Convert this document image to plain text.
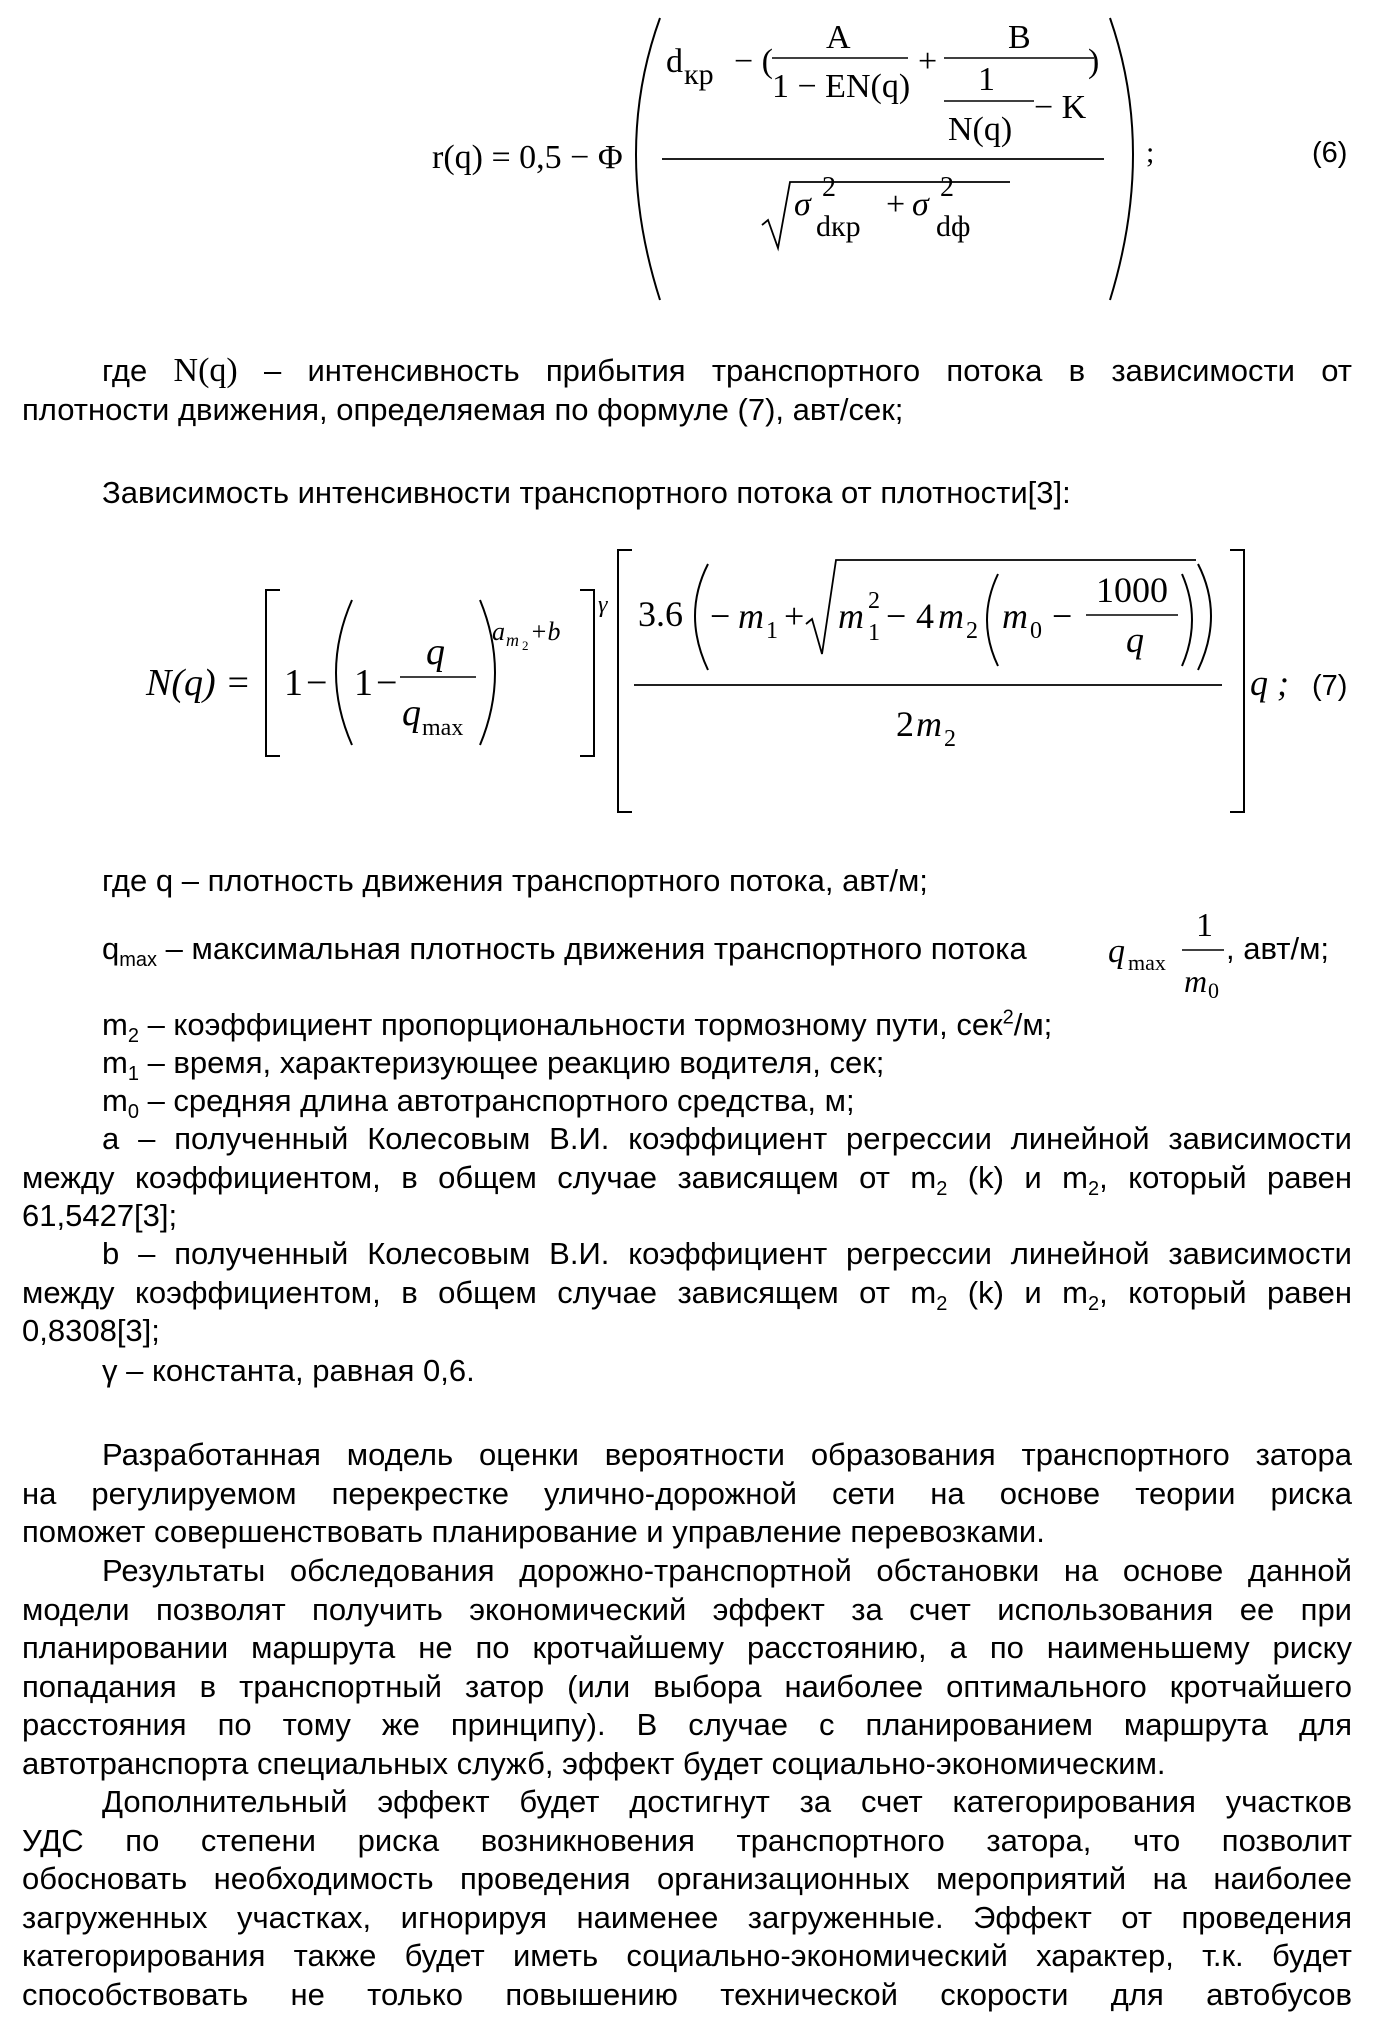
r(q) = 0,5 − Φ
d кр − (
A
1 − EN(q)
+
B
1
N(q)
− K
)
σ 2
dкр
+ σ 2
dф
;	(6)
где N(q) – интенсивность прибытия транспортного потока в зависимости от
плотности движения, определяемая по формуле (7), авт/сек;
Зависимость интенсивности транспортного потока от плотности[3]:
N(q) = 1 − 1 −
q
q max
a m 2 +b
γ 3.6 − m 1 + m 2
1 − 4 m 2 m 0 −
1000
q
2 m 2
q ; (7)
где q – плотность движения транспортного потока, авт/м;
$q_{max}$ – максимальная плотность движения транспортного потока	q max
1
m 0
, авт/м;
$m_2$ – коэффициент пропорциональности тормозному пути, сек$^2$/м;
$m_1$ – время, характеризующее реакцию водителя, сек;
$m_0$ – средняя длина автотранспортного средства, м;
а – полученный Колесовым В.И. коэффициент регрессии линейной зависимости
между коэффициентом, в общем случае зависящем от $m_2$ (k) и $m_2$, который равен
61,5427[3];
b – полученный Колесовым В.И. коэффициент регрессии линейной зависимости
между коэффициентом, в общем случае зависящем от $m_2$ (k) и $m_2$, который равен
0,8308[3];
γ – константа, равная 0,6.
Разработанная модель оценки вероятности образования транспортного затора
на регулируемом перекрестке улично-дорожной сети на основе теории риска
поможет совершенствовать планирование и управление перевозками.
Результаты обследования дорожно-транспортной обстановки на основе данной
модели позволят получить экономический эффект за счет использования ее при
планировании маршрута не по кротчайшему расстоянию, а по наименьшему риску
попадания в транспортный затор (или выбора наиболее оптимального кротчайшего
расстояния по тому же принципу). В случае с планированием маршрута для
автотранспорта специальных служб, эффект будет социально-экономическим.
Дополнительный эффект будет достигнут за счет категорирования участков
УДС по степени риска возникновения транспортного затора, что позволит
обосновать необходимость проведения организационных мероприятий на наиболее
загруженных участках, игнорируя наименее загруженные. Эффект от проведения
категорирования также будет иметь социально-экономический характер, т.к. будет
способствовать не только повышению технической скорости для автобусов
